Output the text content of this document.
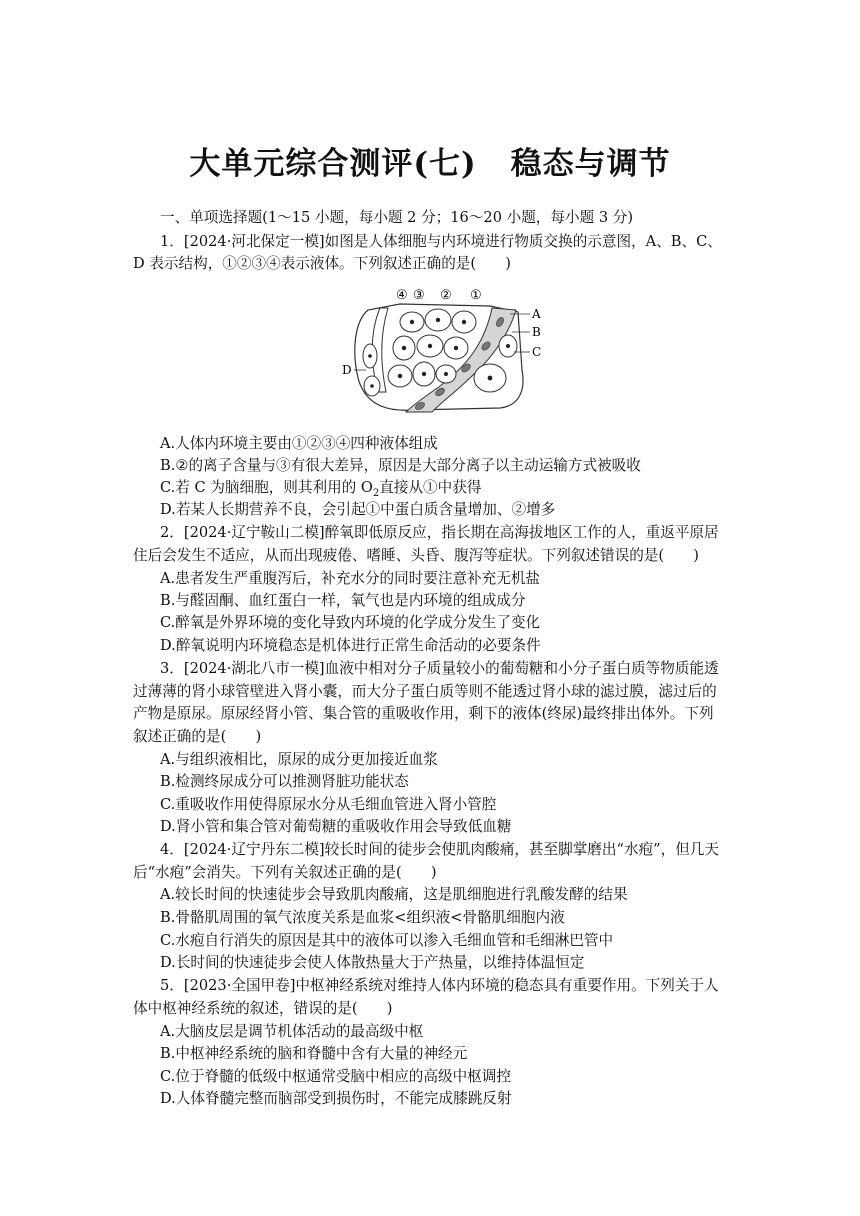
大单元综合测评(七) 稳态与调节
一、单项选择题(1～15 小题，每小题 2 分；16～20 小题，每小题 3 分)
1．[2024·河北保定一模]如图是人体细胞与内环境进行物质交换的示意图，A、B、C、
D 表示结构，①②③④表示液体。下列叙述正确的是(　　)
④ ③ ② ①
A
B
C
D
A.人体内环境主要由①②③④四种液体组成
B.②的离子含量与③有很大差异，原因是大部分离子以主动运输方式被吸收
C.若 C 为脑细胞，则其利用的 $O_2$直接从①中获得
D.若某人长期营养不良，会引起①中蛋白质含量增加、②增多
2．[2024·辽宁鞍山二模]醉氧即低原反应，指长期在高海拔地区工作的人，重返平原居
住后会发生不适应，从而出现疲倦、嗜睡、头昏、腹泻等症状。下列叙述错误的是(　　)
A.患者发生严重腹泻后，补充水分的同时要注意补充无机盐
B.与醛固酮、血红蛋白一样，氧气也是内环境的组成成分
C.醉氧是外界环境的变化导致内环境的化学成分发生了变化
D.醉氧说明内环境稳态是机体进行正常生命活动的必要条件
3．[2024·湖北八市一模]血液中相对分子质量较小的葡萄糖和小分子蛋白质等物质能透
过薄薄的肾小球管壁进入肾小囊，而大分子蛋白质等则不能透过肾小球的滤过膜，滤过后的
产物是原尿。原尿经肾小管、集合管的重吸收作用，剩下的液体(终尿)最终排出体外。下列
叙述正确的是(　　)
A.与组织液相比，原尿的成分更加接近血浆
B.检测终尿成分可以推测肾脏功能状态
C.重吸收作用使得原尿水分从毛细血管进入肾小管腔
D.肾小管和集合管对葡萄糖的重吸收作用会导致低血糖
4．[2024·辽宁丹东二模]较长时间的徒步会使肌肉酸痛，甚至脚掌磨出“水疱”，但几天
后“水疱”会消失。下列有关叙述正确的是(　　)
A.较长时间的快速徒步会导致肌肉酸痛，这是肌细胞进行乳酸发酵的结果
B.骨骼肌周围的氧气浓度关系是血浆<组织液<骨骼肌细胞内液
C.水疱自行消失的原因是其中的液体可以渗入毛细血管和毛细淋巴管中
D.长时间的快速徒步会使人体散热量大于产热量，以维持体温恒定
5．[2023·全国甲卷]中枢神经系统对维持人体内环境的稳态具有重要作用。下列关于人
体中枢神经系统的叙述，错误的是(　　)
A.大脑皮层是调节机体活动的最高级中枢
B.中枢神经系统的脑和脊髓中含有大量的神经元
C.位于脊髓的低级中枢通常受脑中相应的高级中枢调控
D.人体脊髓完整而脑部受到损伤时，不能完成膝跳反射
